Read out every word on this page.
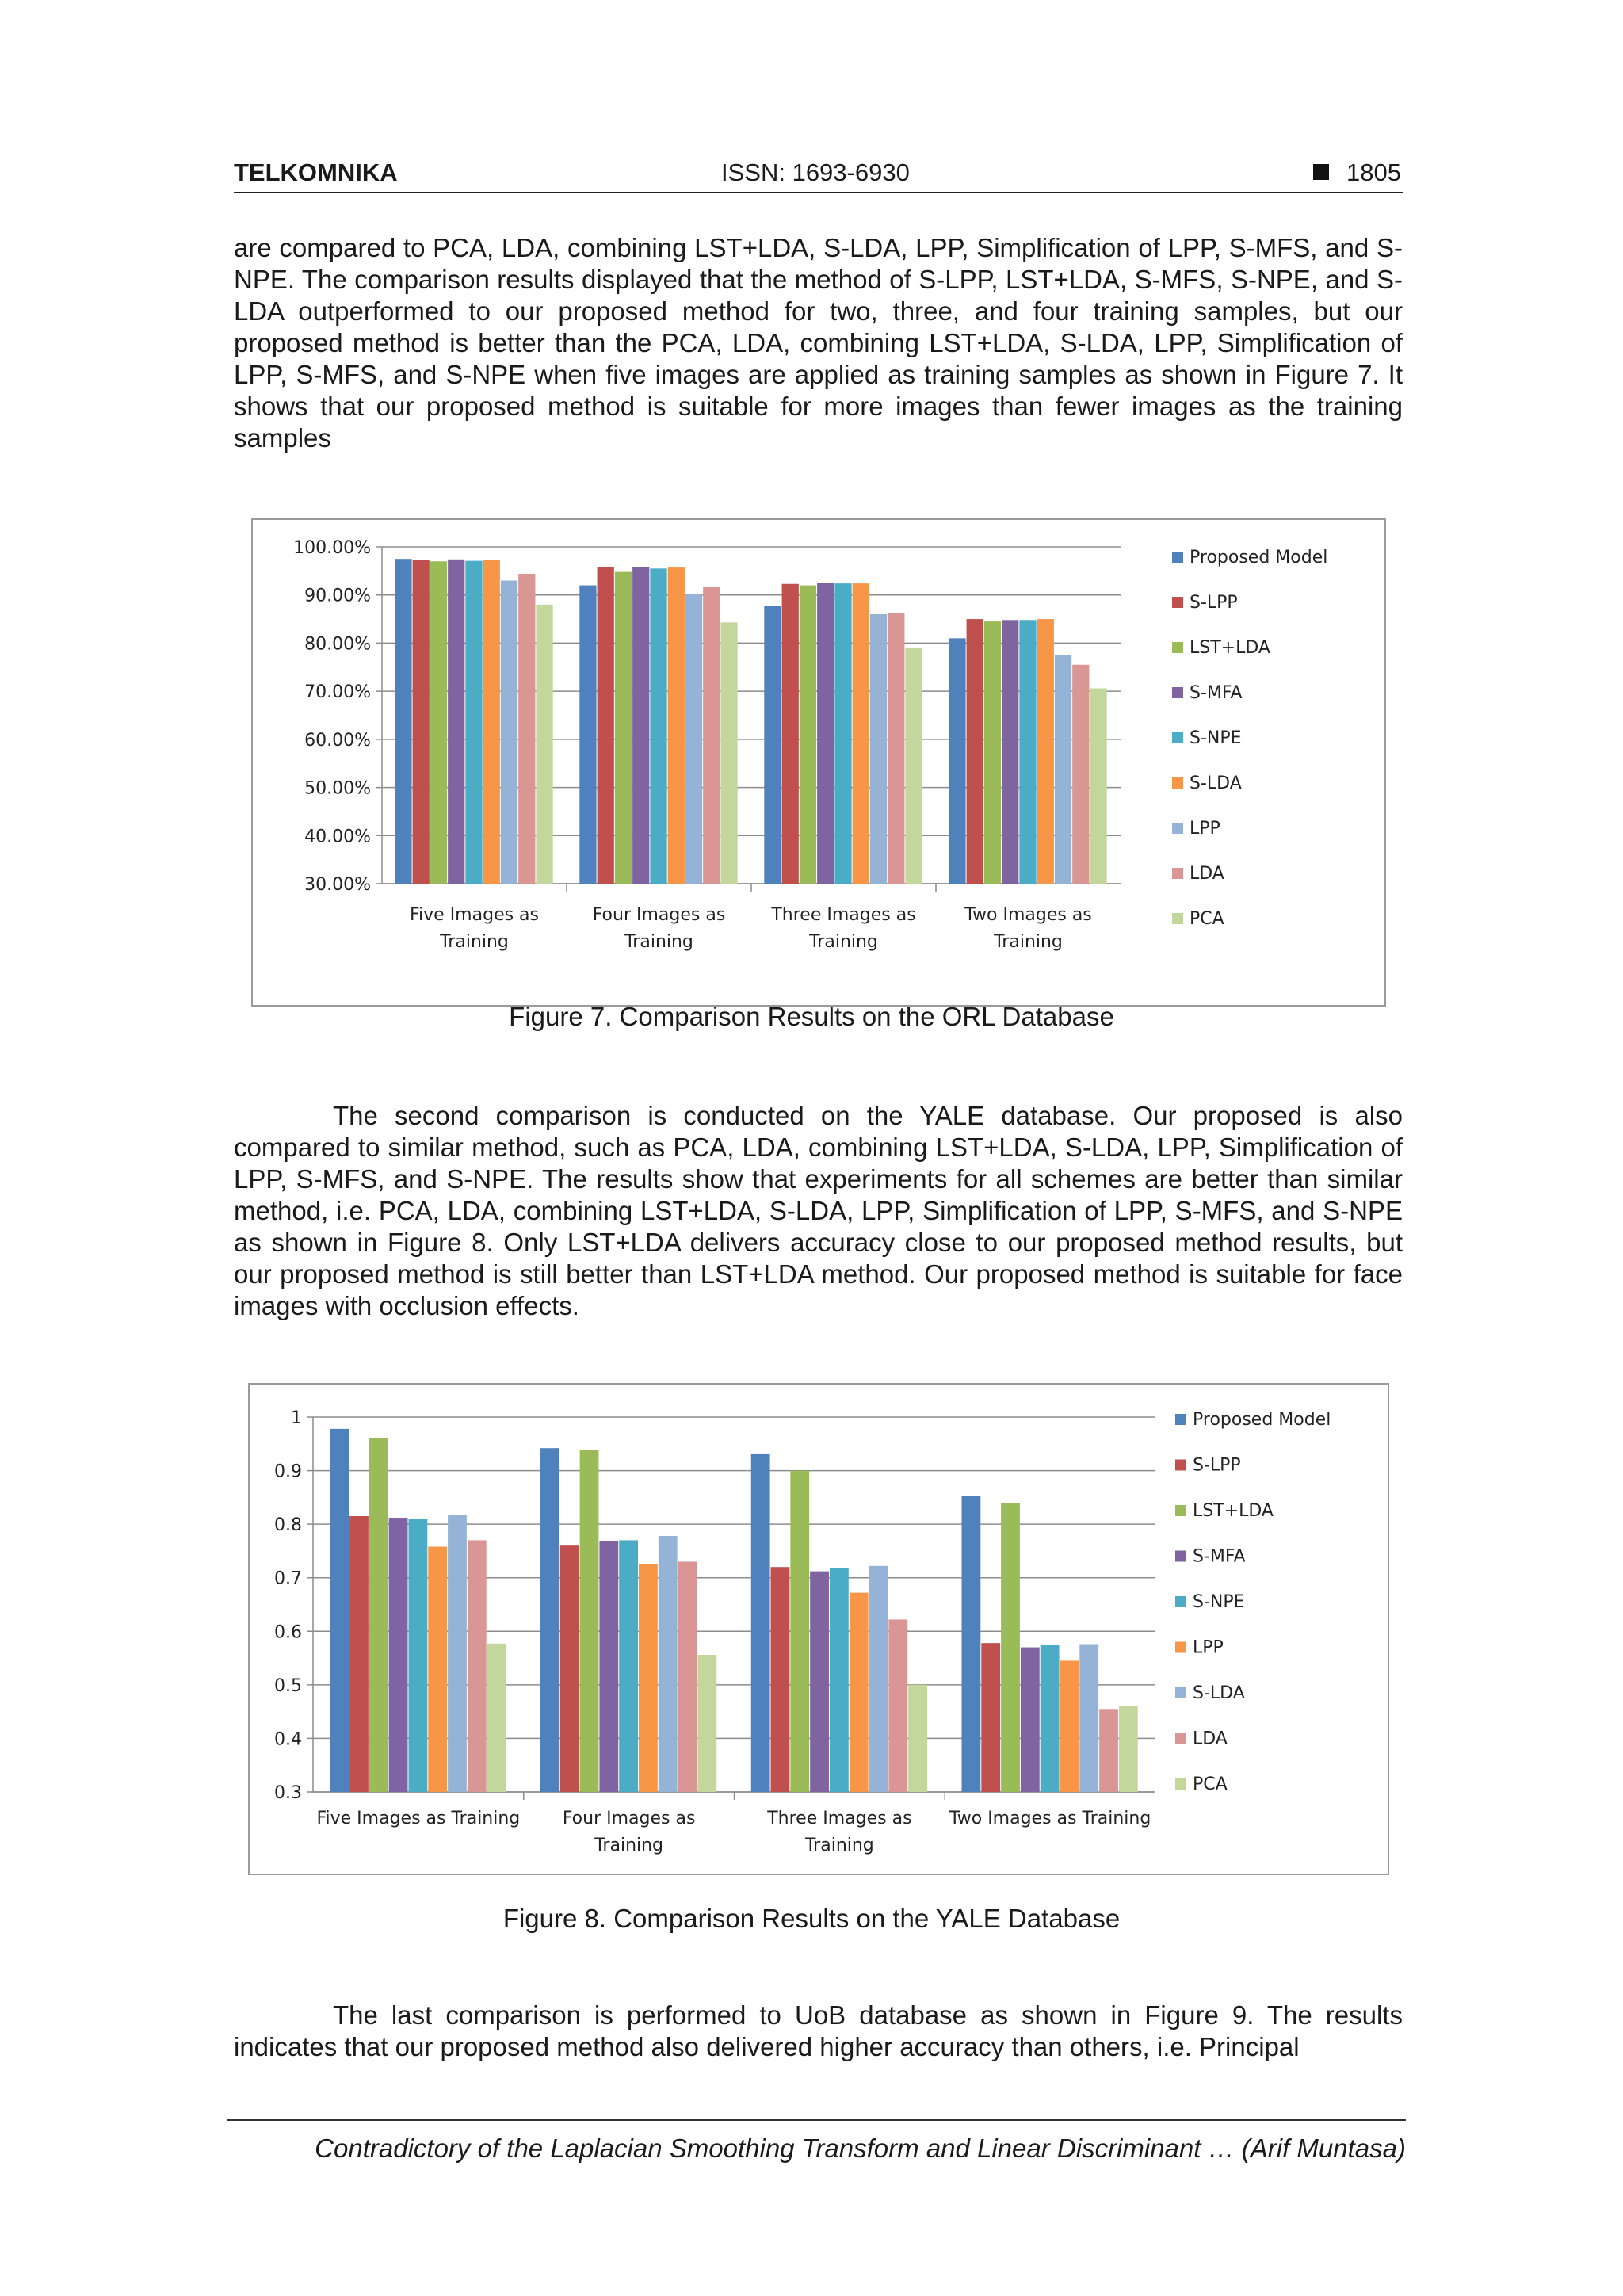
TELKOMNIKA	ISSN: 1693-6930	1805

are compared to PCA, LDA, combining LST+LDA, S-LDA, LPP, Simplification of LPP, S-MFS, and S-NPE. The comparison results displayed that the method of S-LPP, LST+LDA, S-MFS, S-NPE, and S-LDA outperformed to our proposed method for two, three, and four training samples, but our proposed method is better than the PCA, LDA, combining LST+LDA, S-LDA, LPP, Simplification of LPP, S-MFS, and S-NPE when five images are applied as training samples as shown in Figure 7. It shows that our proposed method is suitable for more images than fewer images as the training samples

30.00%
40.00%
50.00%
60.00%
70.00%
80.00%
90.00%
100.00%
Five Images as
Training
Four Images as
Training
Three Images as
Training
Two Images as
Training
Proposed Model
S-LPP
LST+LDA
S-MFA
S-NPE
S-LDA
LPP
LDA
PCA
Figure 7. Comparison Results on the ORL Database

The second comparison is conducted on the YALE database. Our proposed is also compared to similar method, such as PCA, LDA, combining LST+LDA, S-LDA, LPP, Simplification of LPP, S-MFS, and S-NPE. The results show that experiments for all schemes are better than similar method, i.e. PCA, LDA, combining LST+LDA, S-LDA, LPP, Simplification of LPP, S-MFS, and S-NPE as shown in Figure 8. Only LST+LDA delivers accuracy close to our proposed method results, but our proposed method is still better than LST+LDA method. Our proposed method is suitable for face images with occlusion effects.

0.3
0.4
0.5
0.6
0.7
0.8
0.9
1
Five Images as Training Four Images as
Training
Three Images as
Training
Two Images as Training
Proposed Model
S-LPP
LST+LDA
S-MFA
S-NPE
LPP
S-LDA
LDA
PCA
Figure 8. Comparison Results on the YALE Database

The last comparison is performed to UoB database as shown in Figure 9. The results indicates that our proposed method also delivered higher accuracy than others, i.e. Principal

Contradictory of the Laplacian Smoothing Transform and Linear Discriminant … (Arif Muntasa)
